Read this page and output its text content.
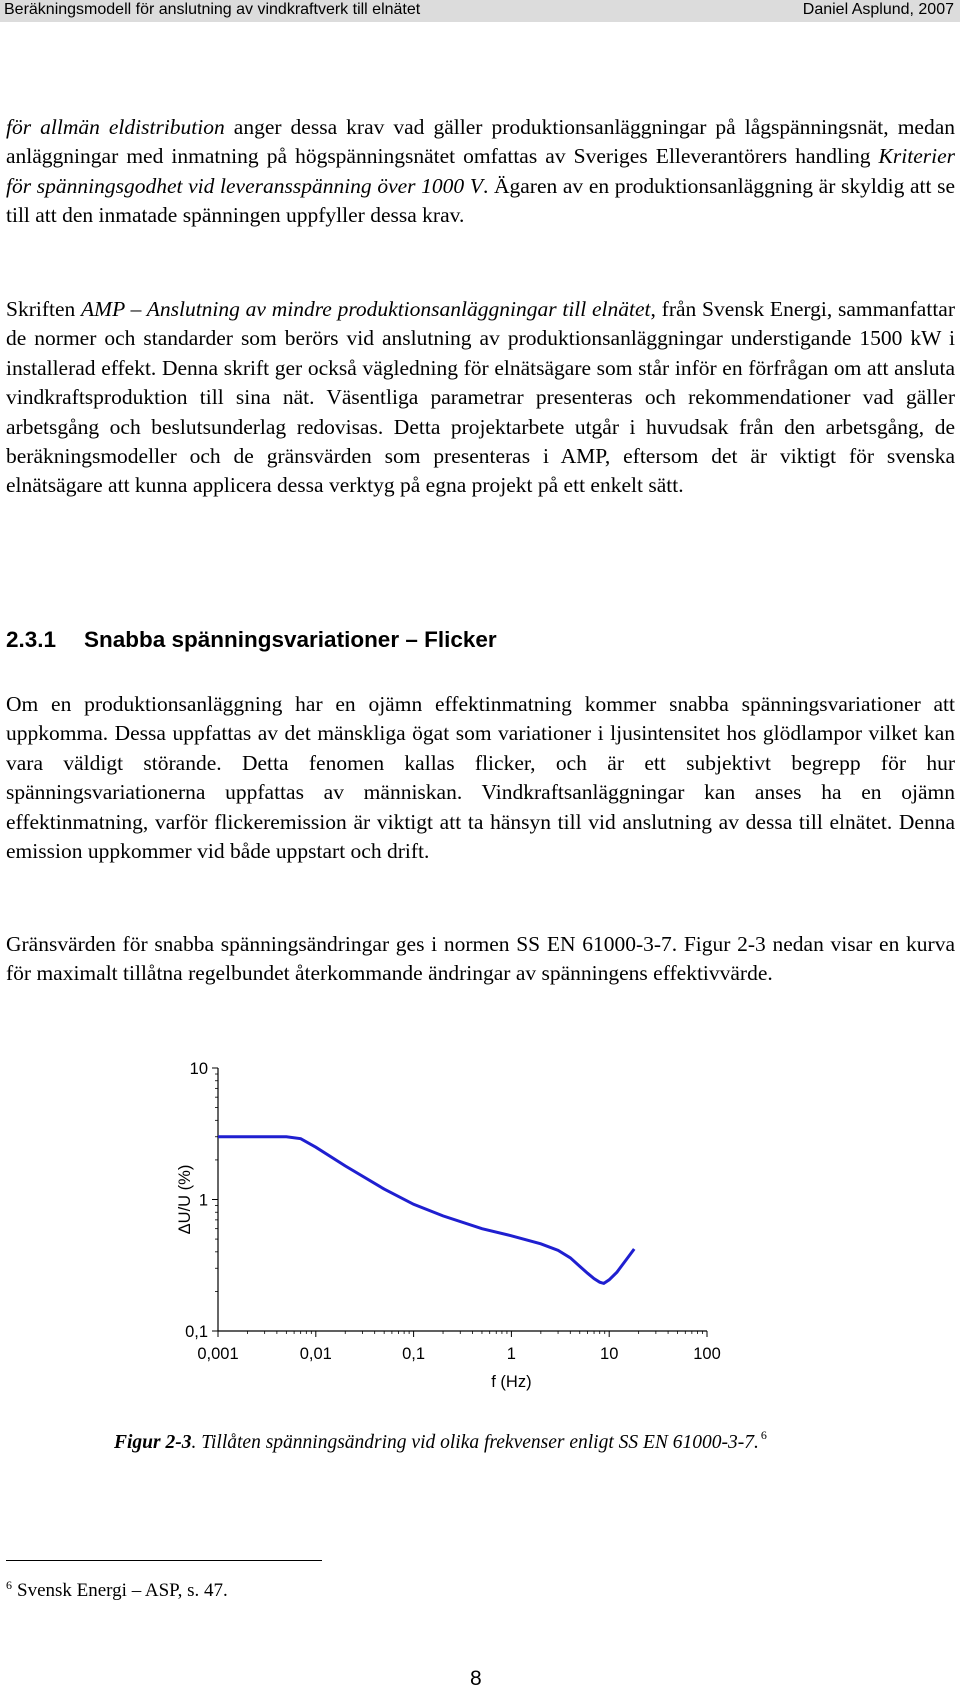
Beräkningsmodell för anslutning av vindkraftverk till elnätet	Daniel Asplund, 2007

för allmän eldistribution anger dessa krav vad gäller produktionsanläggningar på lågspänningsnät, medan anläggningar med inmatning på högspänningsnätet omfattas av Sveriges Elleverantörers handling Kriterier för spänningsgodhet vid leveransspänning över 1000 V. Ägaren av en produktionsanläggning är skyldig att se till att den inmatade spänningen uppfyller dessa krav.

Skriften AMP – Anslutning av mindre produktionsanläggningar till elnätet, från Svensk Energi, sammanfattar de normer och standarder som berörs vid anslutning av produktionsanläggningar understigande 1500 kW i installerad effekt. Denna skrift ger också vägledning för elnätsägare som står inför en förfrågan om att ansluta vindkraftsproduktion till sina nät. Väsentliga parametrar presenteras och rekommendationer vad gäller arbetsgång och beslutsunderlag redovisas. Detta projektarbete utgår i huvudsak från den arbetsgång, de beräkningsmodeller och de gränsvärden som presenteras i AMP, eftersom det är viktigt för svenska elnätsägare att kunna applicera dessa verktyg på egna projekt på ett enkelt sätt.

2.3.1 Snabba spänningsvariationer – Flicker

Om en produktionsanläggning har en ojämn effektinmatning kommer snabba spänningsvariationer att uppkomma. Dessa uppfattas av det mänskliga ögat som variationer i ljusintensitet hos glödlampor vilket kan vara väldigt störande. Detta fenomen kallas flicker, och är ett subjektivt begrepp för hur spänningsvariationerna uppfattas av människan. Vindkraftsanläggningar kan anses ha en ojämn effektinmatning, varför flickeremission är viktigt att ta hänsyn till vid anslutning av dessa till elnätet. Denna emission uppkommer vid både uppstart och drift.

Gränsvärden för snabba spänningsändringar ges i normen SS EN 61000-3-7. Figur 2-3 nedan visar en kurva för maximalt tillåtna regelbundet återkommande ändringar av spänningens effektivvärde.

0,001	0,01	0,1	1	10	100
0,1
1
10
f (Hz)
ΔU/U (%)
Figur 2-3. Tillåten spänningsändring vid olika frekvenser enligt SS EN 61000-3-7. $^6$
$^6$ Svensk Energi – ASP, s. 47.
8
